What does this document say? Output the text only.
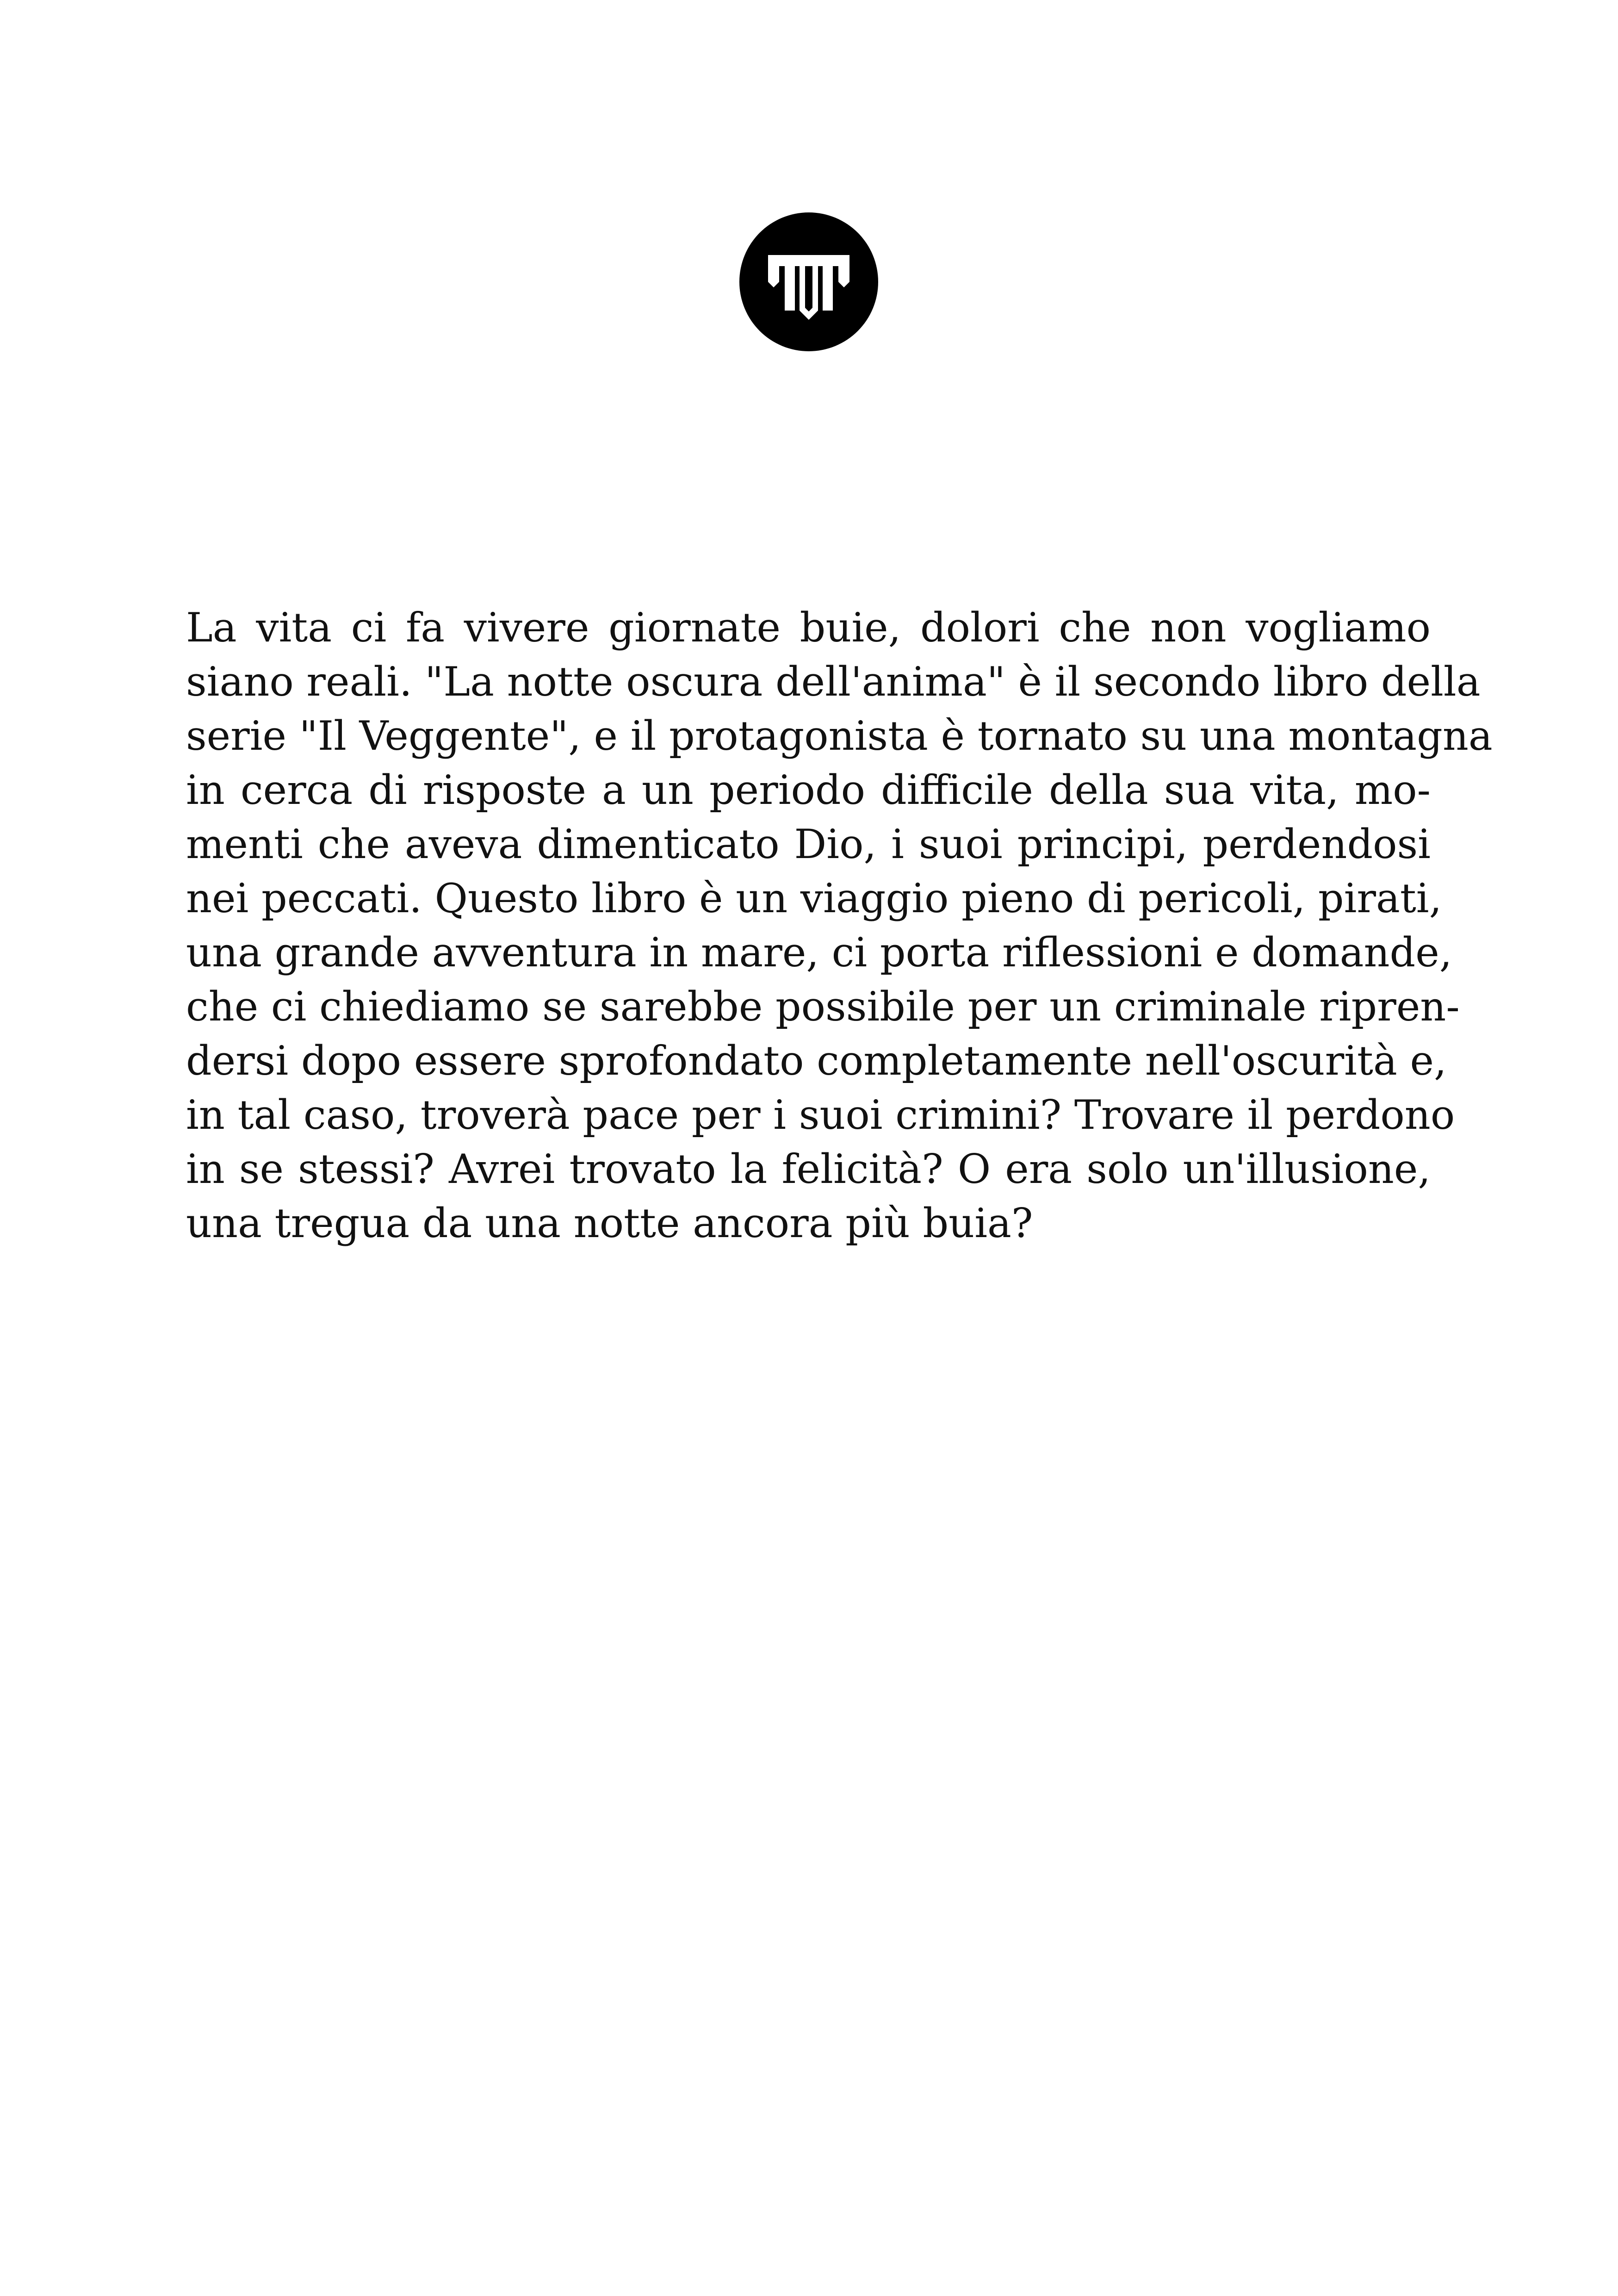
La vita ci fa vivere giornate buie, dolori che non vogliamo
siano reali. "La notte oscura dell'anima" è il secondo libro della
serie "Il Veggente", e il protagonista è tornato su una montagna
in cerca di risposte a un periodo difficile della sua vita, mo-
menti che aveva dimenticato Dio, i suoi principi, perdendosi
nei peccati. Questo libro è un viaggio pieno di pericoli, pirati,
una grande avventura in mare, ci porta riflessioni e domande,
che ci chiediamo se sarebbe possibile per un criminale ripren-
dersi dopo essere sprofondato completamente nell'oscurità e,
in tal caso, troverà pace per i suoi crimini? Trovare il perdono
in se stessi? Avrei trovato la felicità? O era solo un'illusione,
una tregua da una notte ancora più buia?
